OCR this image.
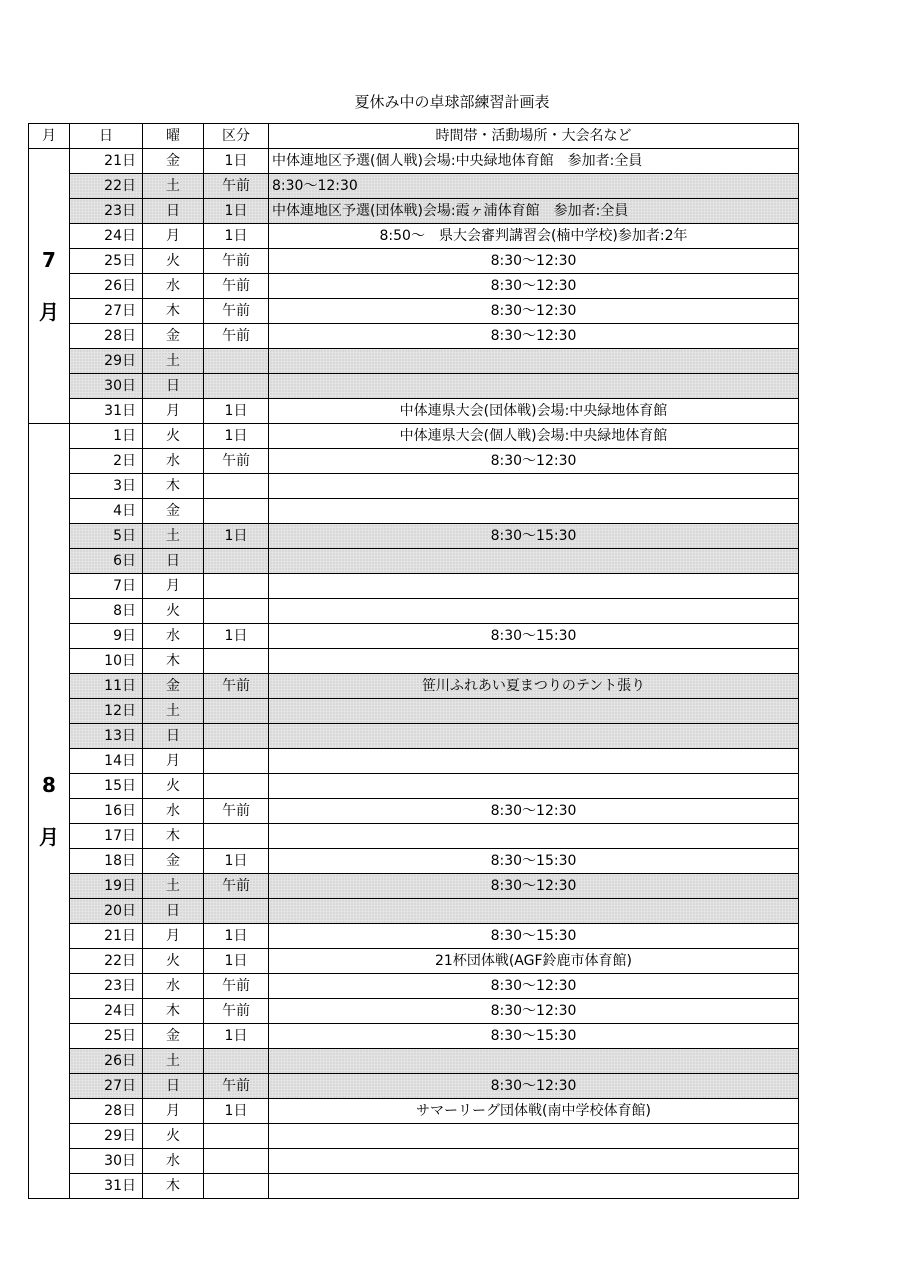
夏休み中の卓球部練習計画表
月	日	曜	区分	時間帯・活動場所・大会名など

7
月	21日	金	1日	中体連地区予選(個人戦)会場:中央緑地体育館　参加者:全員
	22日	土	午前	8:30〜12:30
	23日	日	1日	中体連地区予選(団体戦)会場:霞ヶ浦体育館　参加者:全員
	24日	月	1日	8:50〜　県大会審判講習会(楠中学校)参加者:2年
	25日	火	午前	8:30〜12:30
	26日	水	午前	8:30〜12:30
	27日	木	午前	8:30〜12:30
	28日	金	午前	8:30〜12:30
	29日	土		
	30日	日		
	31日	月	1日	中体連県大会(団体戦)会場:中央緑地体育館

8
月	1日	火	1日	中体連県大会(個人戦)会場:中央緑地体育館
	2日	水	午前	8:30〜12:30
	3日	木		
	4日	金		
	5日	土	1日	8:30〜15:30
	6日	日		
	7日	月		
	8日	火		
	9日	水	1日	8:30〜15:30
	10日	木		
	11日	金	午前	笹川ふれあい夏まつりのテント張り
	12日	土		
	13日	日		
	14日	月		
	15日	火		
	16日	水	午前	8:30〜12:30
	17日	木		
	18日	金	1日	8:30〜15:30
	19日	土	午前	8:30〜12:30
	20日	日		
	21日	月	1日	8:30〜15:30
	22日	火	1日	21杯団体戦(AGF鈴鹿市体育館)
	23日	水	午前	8:30〜12:30
	24日	木	午前	8:30〜12:30
	25日	金	1日	8:30〜15:30
	26日	土		
	27日	日	午前	8:30〜12:30
	28日	月	1日	サマーリーグ団体戦(南中学校体育館)
	29日	火		
	30日	水		
	31日	木		
